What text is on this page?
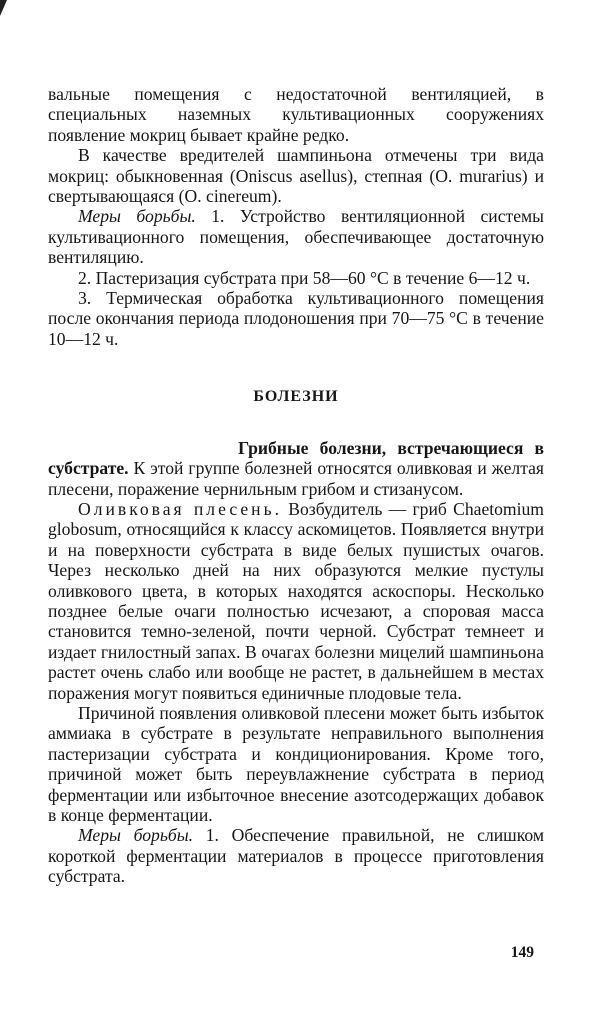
вальные помещения с недостаточной вентиляцией, в специальных наземных культивационных сооружениях появление мокриц бывает крайне редко.

В качестве вредителей шампиньона отмечены три вида мокриц: обыкновенная (Oniscus asellus), степная (O. murarius) и свертывающаяся (O. cinereum).

Меры борьбы. 1. Устройство вентиляционной системы культивационного помещения, обеспечивающее достаточную вентиляцию.

2. Пастеризация субстрата при 58—60 °С в течение 6—12 ч.

3. Термическая обработка культивационного помещения после окончания периода плодоношения при 70—75 °С в течение 10—12 ч.

БОЛЕЗНИ

Грибные болезни, встречающиеся в субстрате. К этой группе болезней относятся оливковая и желтая плесени, поражение чернильным грибом и стизанусом.

Оливковая плесень. Возбудитель — гриб Chaetomium globosum, относящийся к классу аскомицетов. Появляется внутри и на поверхности субстрата в виде белых пушистых очагов. Через несколько дней на них образуются мелкие пустулы оливкового цвета, в которых находятся аскоспоры. Несколько позднее белые очаги полностью исчезают, а споровая масса становится темно-зеленой, почти черной. Субстрат темнеет и издает гнилостный запах. В очагах болезни мицелий шампиньона растет очень слабо или вообще не растет, в дальнейшем в местах поражения могут появиться единичные плодовые тела.

Причиной появления оливковой плесени может быть избыток аммиака в субстрате в результате неправильного выполнения пастеризации субстрата и кондиционирования. Кроме того, причиной может быть переувлажнение субстрата в период ферментации или избыточное внесение азотсодержащих добавок в конце ферментации.

Меры борьбы. 1. Обеспечение правильной, не слишком короткой ферментации материалов в процессе приготовления субстрата.

149
